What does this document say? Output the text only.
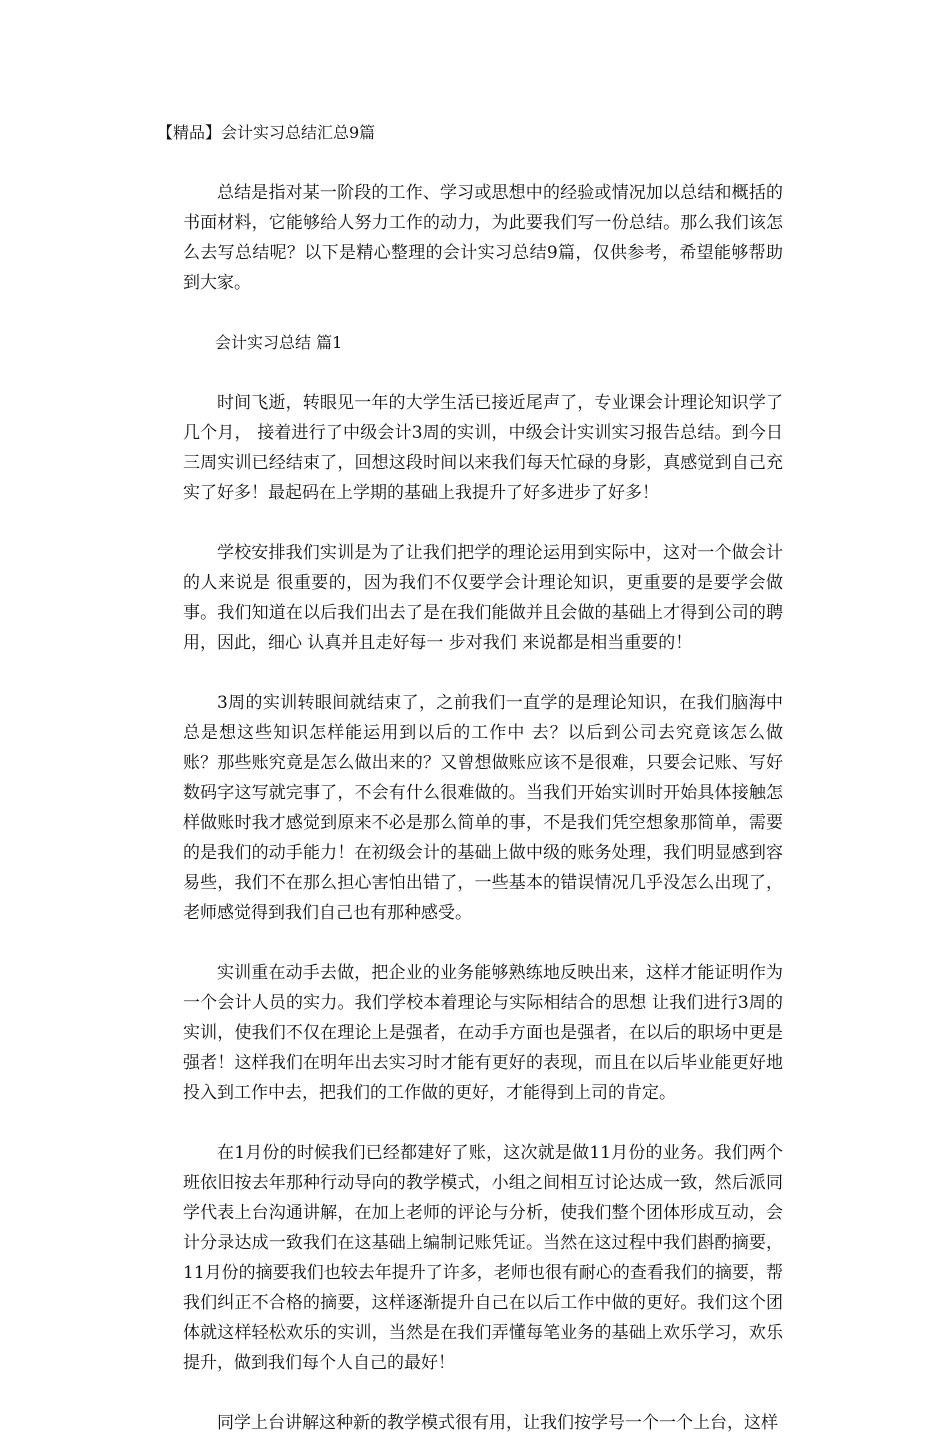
【精品】会计实习总结汇总9篇

总结是指对某一阶段的工作、学习或思想中的经验或情况加以总结和概括的书面材料，它能够给人努力工作的动力，为此要我们写一份总结。那么我们该怎么去写总结呢？以下是精心整理的会计实习总结9篇，仅供参考，希望能够帮助到大家。

会计实习总结 篇1

时间飞逝，转眼见一年的大学生活已接近尾声了，专业课会计理论知识学了几个月， 接着进行了中级会计3周的实训，中级会计实训实习报告总结。到今日三周实训已经结束了，回想这段时间以来我们每天忙碌的身影，真感觉到自己充实了好多！最起码在上学期的基础上我提升了好多进步了好多！

学校安排我们实训是为了让我们把学的理论运用到实际中，这对一个做会计的人来说是 很重要的，因为我们不仅要学会计理论知识，更重要的是要学会做事。我们知道在以后我们出去了是在我们能做并且会做的基础上才得到公司的聘用，因此，细心 认真并且走好每一 步对我们 来说都是相当重要的！

3周的实训转眼间就结束了，之前我们一直学的是理论知识，在我们脑海中总是想这些知识怎样能运用到以后的工作中 去？以后到公司去究竟该怎么做账？那些账究竟是怎么做出来的？又曾想做账应该不是很难，只要会记账、写好数码字这写就完事了，不会有什么很难做的。当我们开始实训时开始具体接触怎样做账时我才感觉到原来不必是那么简单的事，不是我们凭空想象那简单，需要的是我们的动手能力！在初级会计的基础上做中级的账务处理，我们明显感到容易些，我们不在那么担心害怕出错了，一些基本的错误情况几乎没怎么出现了，老师感觉得到我们自己也有那种感受。

实训重在动手去做，把企业的业务能够熟练地反映出来，这样才能证明作为一个会计人员的实力。我们学校本着理论与实际相结合的思想 让我们进行3周的实训，使我们不仅在理论上是强者，在动手方面也是强者，在以后的职场中更是强者！这样我们在明年出去实习时才能有更好的表现，而且在以后毕业能更好地投入到工作中去，把我们的工作做的更好，才能得到上司的肯定。

在1月份的时候我们已经都建好了账，这次就是做11月份的业务。我们两个班依旧按去年那种行动导向的教学模式，小组之间相互讨论达成一致，然后派同学代表上台沟通讲解，在加上老师的评论与分析，使我们整个团体形成互动，会计分录达成一致我们在这基础上编制记账凭证。当然在这过程中我们斟酌摘要，11月份的摘要我们也较去年提升了许多，老师也很有耐心的查看我们的摘要，帮我们纠正不合格的摘要，这样逐渐提升自己在以后工作中做的更好。我们这个团体就这样轻松欢乐的实训，当然是在我们弄懂每笔业务的基础上欢乐学习，欢乐提升，做到我们每个人自己的最好！

同学上台讲解这种新的教学模式很有用，让我们按学号一个一个上台，这样
